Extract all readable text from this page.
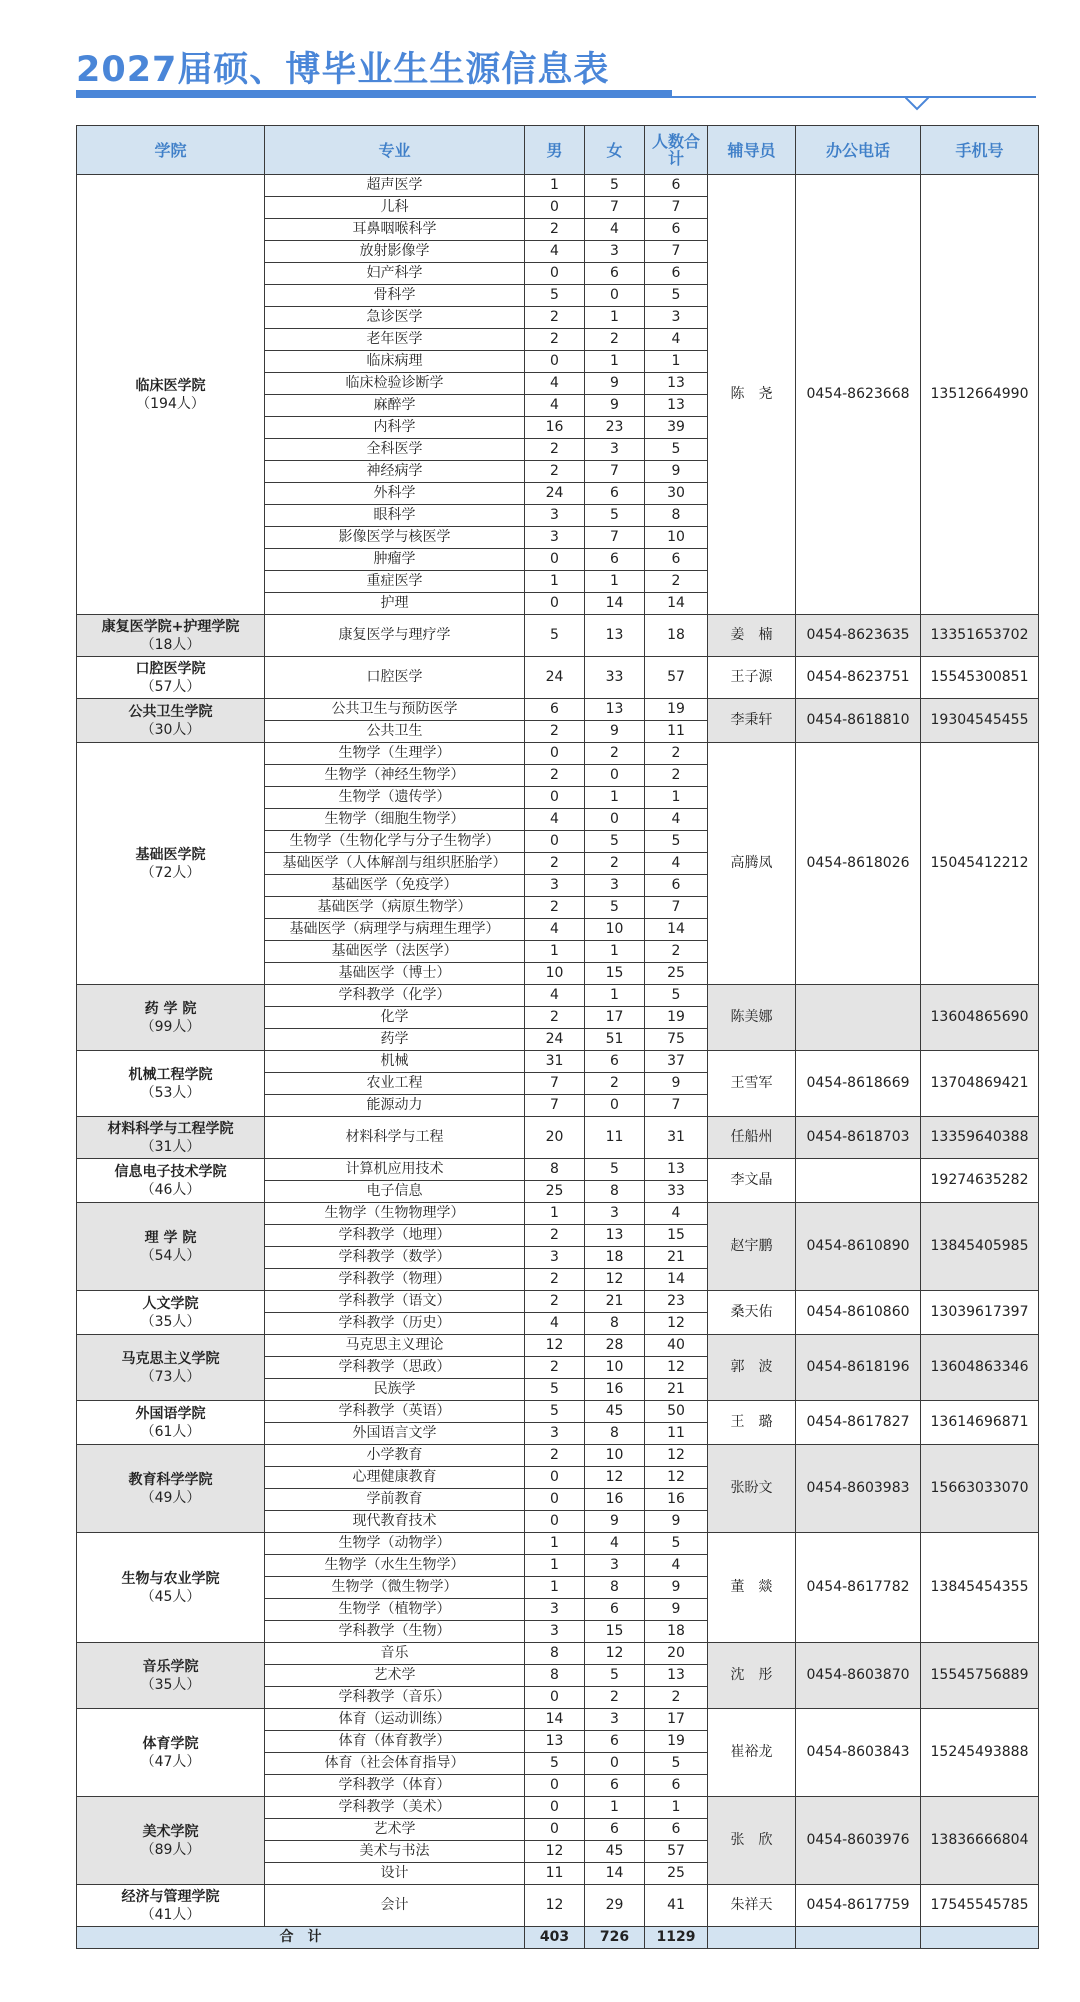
2027届硕、博毕业生生源信息表
学院	专业	男	女	人数合计	辅导员	办公电话	手机号

临床医学院
（194人）	超声医学	1	5	6	陈　尧	0454-8623668	13512664990
	儿科	0	7	7			
	耳鼻咽喉科学	2	4	6			
	放射影像学	4	3	7			
	妇产科学	0	6	6			
	骨科学	5	0	5			
	急诊医学	2	1	3			
	老年医学	2	2	4			
	临床病理	0	1	1			
	临床检验诊断学	4	9	13			
	麻醉学	4	9	13			
	内科学	16	23	39			
	全科医学	2	3	5			
	神经病学	2	7	9			
	外科学	24	6	30			
	眼科学	3	5	8			
	影像医学与核医学	3	7	10			
	肿瘤学	0	6	6			
	重症医学	1	1	2			
	护理	0	14	14			

康复医学院+护理学院
（18人）	康复医学与理疗学	5	13	18	姜　楠	0454-8623635	13351653702

口腔医学院
（57人）	口腔医学	24	33	57	王子源	0454-8623751	15545300851

公共卫生学院
（30人）	公共卫生与预防医学	6	13	19	李秉轩	0454-8618810	19304545455
	公共卫生	2	9	11			

基础医学院
（72人）	生物学（生理学）	0	2	2	高腾凤	0454-8618026	15045412212
	生物学（神经生物学）	2	0	2			
	生物学（遗传学）	0	1	1			
	生物学（细胞生物学）	4	0	4			
	生物学（生物化学与分子生物学）	0	5	5			
	基础医学（人体解剖与组织胚胎学）	2	2	4			
	基础医学（免疫学）	3	3	6			
	基础医学（病原生物学）	2	5	7			
	基础医学（病理学与病理生理学）	4	10	14			
	基础医学（法医学）	1	1	2			
	基础医学（博士）	10	15	25			

药 学 院
（99人）	学科教学（化学）	4	1	5	陈美娜		13604865690
	化学	2	17	19			
	药学	24	51	75			

机械工程学院
（53人）	机械	31	6	37	王雪军	0454-8618669	13704869421
	农业工程	7	2	9			
	能源动力	7	0	7			

材料科学与工程学院
（31人）	材料科学与工程	20	11	31	任船州	0454-8618703	13359640388

信息电子技术学院
（46人）	计算机应用技术	8	5	13	李文晶		19274635282
	电子信息	25	8	33			

理 学 院
（54人）	生物学（生物物理学）	1	3	4	赵宇鹏	0454-8610890	13845405985
	学科教学（地理）	2	13	15			
	学科教学（数学）	3	18	21			
	学科教学（物理）	2	12	14			

人文学院
（35人）	学科教学（语文）	2	21	23	桑天佑	0454-8610860	13039617397
	学科教学（历史）	4	8	12			

马克思主义学院
（73人）	马克思主义理论	12	28	40	郭　波	0454-8618196	13604863346
	学科教学（思政）	2	10	12			
	民族学	5	16	21			

外国语学院
（61人）	学科教学（英语）	5	45	50	王　璐	0454-8617827	13614696871
	外国语言文学	3	8	11			

教育科学学院
（49人）	小学教育	2	10	12	张盼文	0454-8603983	15663033070
	心理健康教育	0	12	12			
	学前教育	0	16	16			
	现代教育技术	0	9	9			

生物与农业学院
（45人）	生物学（动物学）	1	4	5	董　燚	0454-8617782	13845454355
	生物学（水生生物学）	1	3	4			
	生物学（微生物学）	1	8	9			
	生物学（植物学）	3	6	9			
	学科教学（生物）	3	15	18			

音乐学院
（35人）	音乐	8	12	20	沈　彤	0454-8603870	15545756889
	艺术学	8	5	13			
	学科教学（音乐）	0	2	2			

体育学院
（47人）	体育（运动训练）	14	3	17	崔裕龙	0454-8603843	15245493888
	体育（体育教学）	13	6	19			
	体育（社会体育指导）	5	0	5			
	学科教学（体育）	0	6	6			

美术学院
（89人）	学科教学（美术）	0	1	1	张　欣	0454-8603976	13836666804
	艺术学	0	6	6			
	美术与书法	12	45	57			
	设计	11	14	25			

经济与管理学院
（41人）	会计	12	29	41	朱祥天	0454-8617759	17545545785
合　计		403	726	1129			
